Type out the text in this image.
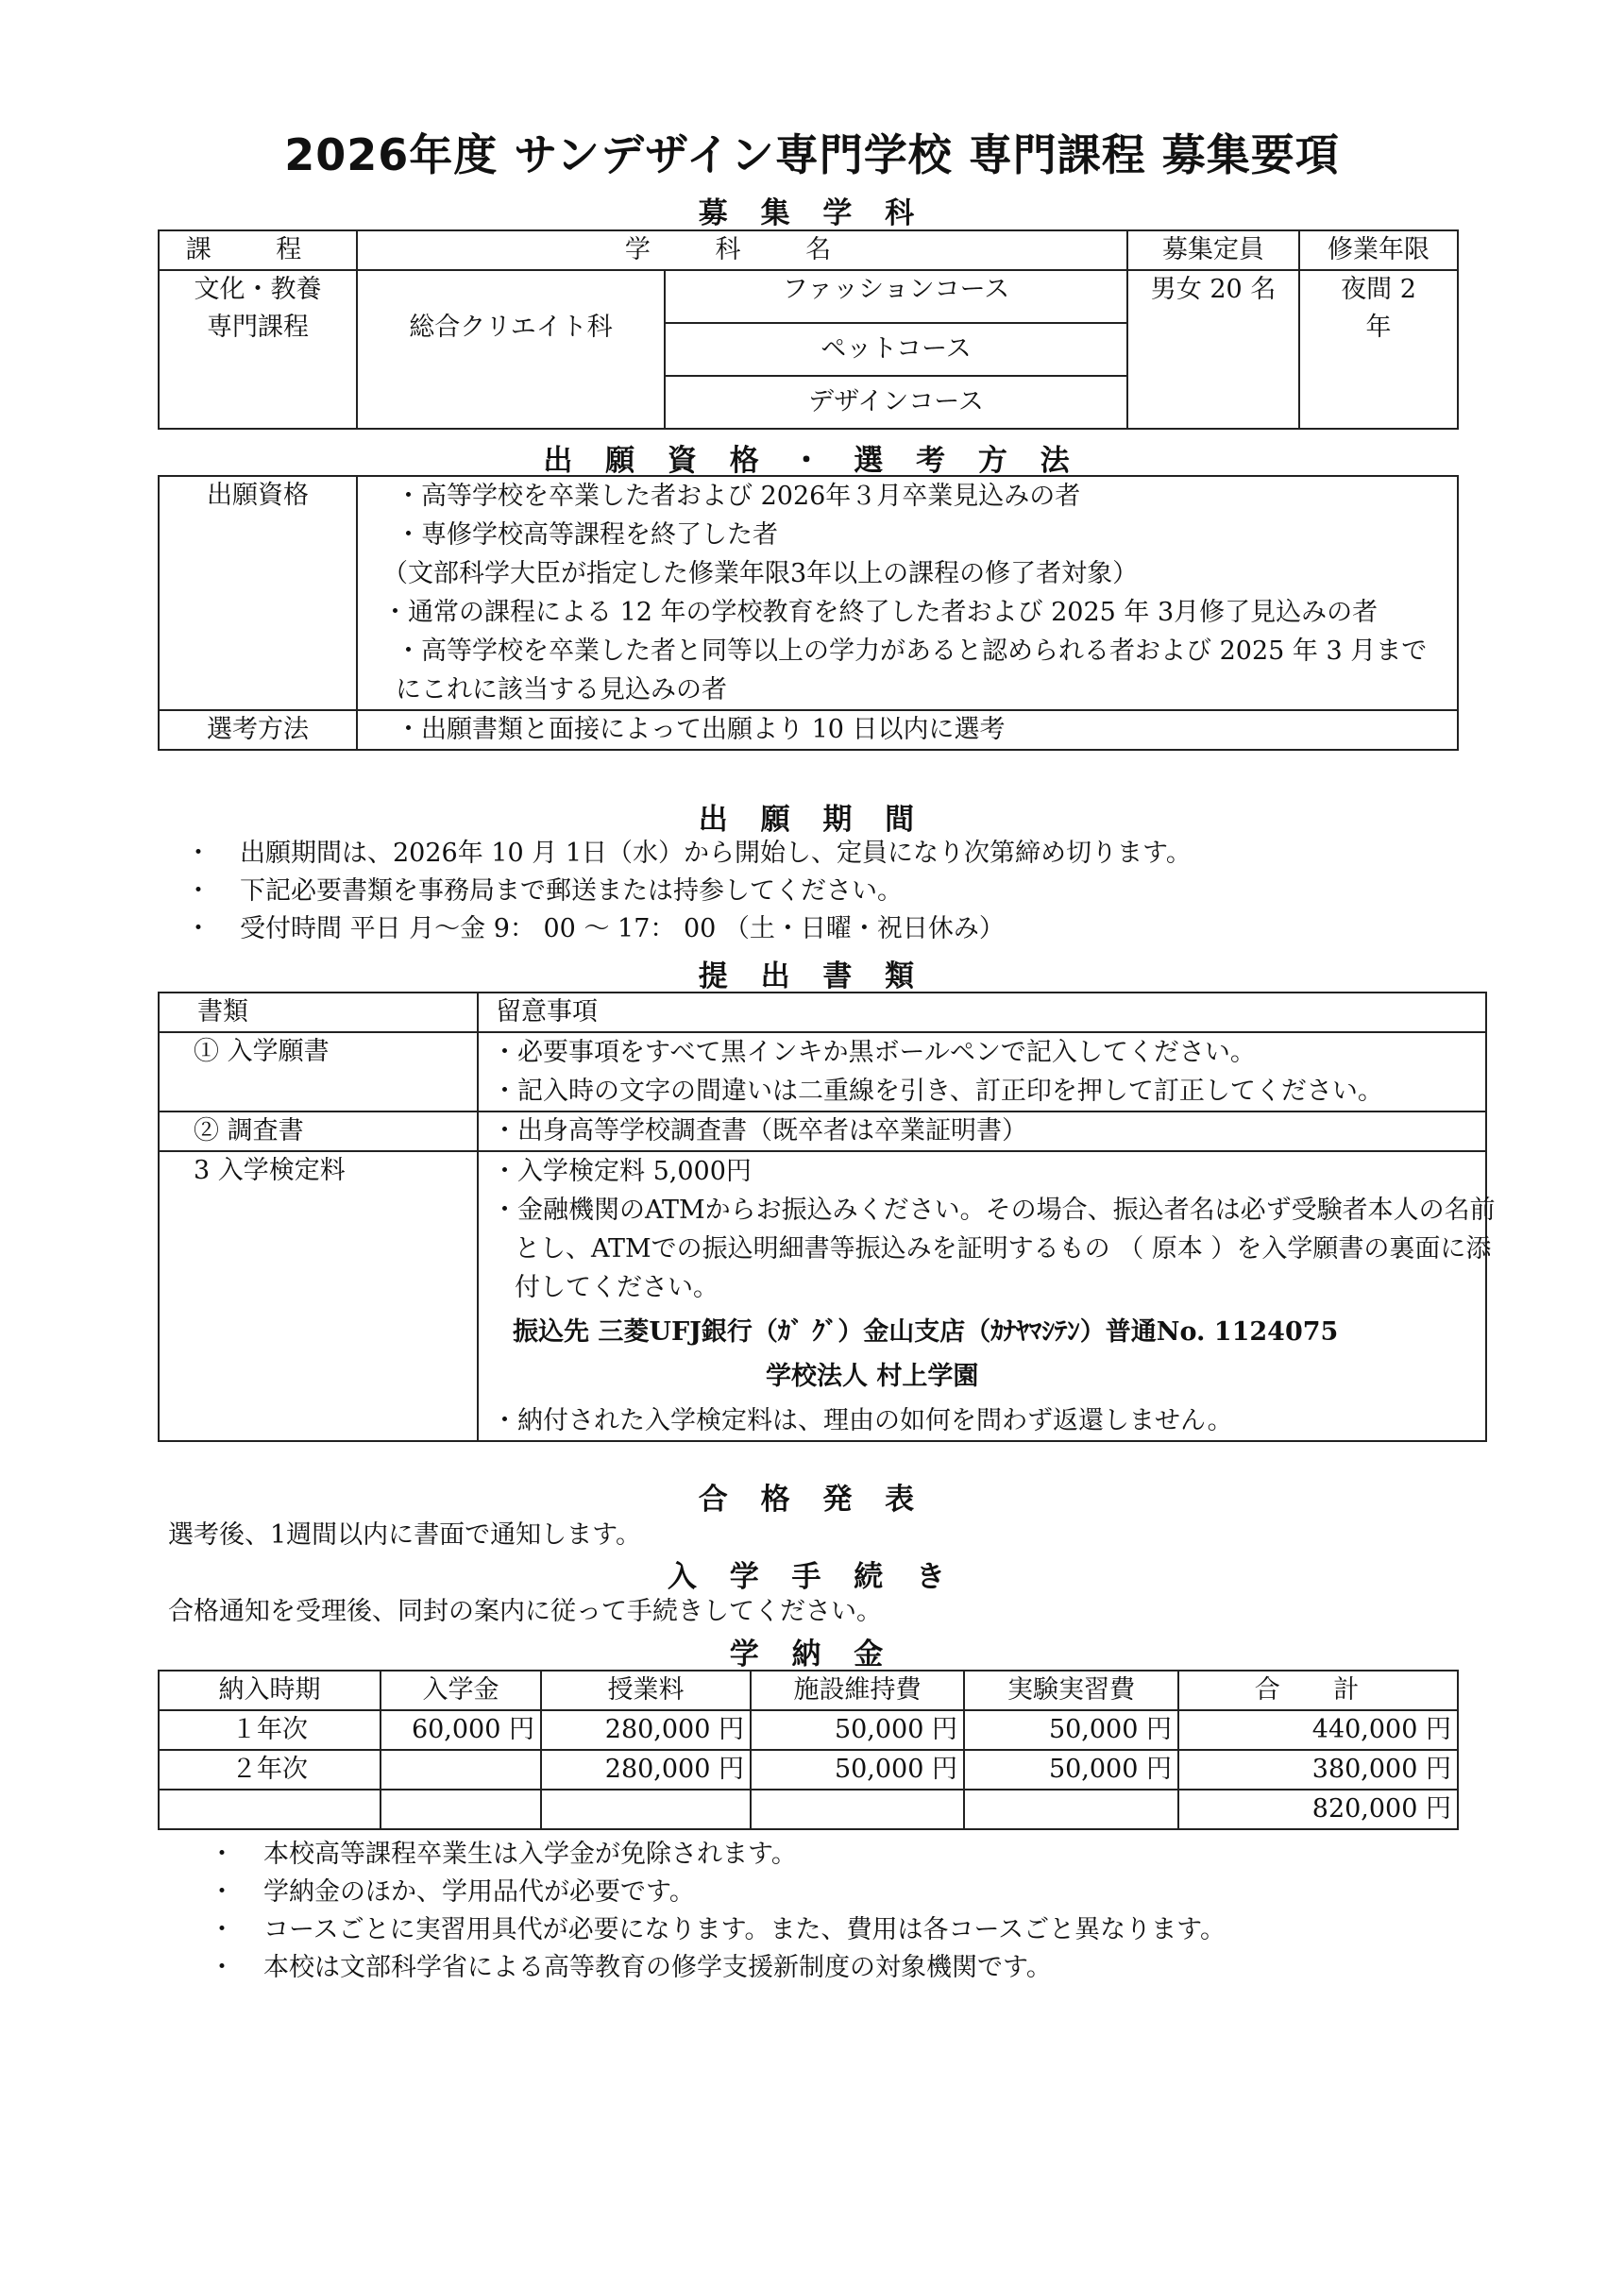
2026年度 サンデザイン専門学校 専門課程 募集要項
募 集 学 科
課 程	学 科 名		募集定員	修業年限

文化・教養
専門課程	総合クリエイト科	ファッションコース	男女 20 名	夜間 2 年
		ペットコース		
		デザインコース		
出 願 資 格 ・ 選 考 方 法
出願資格	・高等学校を卒業した者および 2026年３月卒業見込みの者
・専修学校高等課程を終了した者
（文部科学大臣が指定した修業年限3年以上の課程の修了者対象）
・通常の課程による 12 年の学校教育を終了した者および 2025 年 3月修了見込みの者
・高等学校を卒業した者と同等以上の学力があると認められる者および 2025 年 3 月までにこれに該当する見込みの者

選考方法	・出願書類と面接によって出願より 10 日以内に選考
出 願 期 間
・	出願期間は、2026年 10 月 1日（水）から開始し、定員になり次第締め切ります。
・	下記必要書類を事務局まで郵送または持参してください。
・	受付時間 平日 月～金 9： 00 ～ 17： 00 （土・日曜・祝日休み）
提 出 書 類
書類	留意事項
① 入学願書	・必要事項をすべて黒インキか黒ボールペンで記入してください。
・記入時の文字の間違いは二重線を引き、訂正印を押して訂正してください。

② 調査書	・出身高等学校調査書（既卒者は卒業証明書）
3 入学検定料	・入学検定料 5,000円
・金融機関のATMからお振込みください。その場合、振込者名は必ず受験者本人の名前とし、ATMでの振込明細書等振込みを証明するもの （ 原本 ）を入学願書の裏面に添付してください。
振込先 三菱UFJ銀行（ｶﾞ ｸﾞ）金山支店（ｶﾅﾔﾏｼﾃﾝ）普通No. 1124075
学校法人 村上学園
・納付された入学検定料は、理由の如何を問わず返還しません。
合 格 発 表
選考後、1週間以内に書面で通知します。
入 学 手 続 き
合格通知を受理後、同封の案内に従って手続きしてください。
学 納 金
納入時期	入学金	授業料	施設維持費	実験実習費	合 計
１年次	60,000 円	280,000 円	50,000 円	50,000 円	440,000 円
２年次		280,000 円	50,000 円	50,000 円	380,000 円
					820,000 円
・	本校高等課程卒業生は入学金が免除されます。
・	学納金のほか、学用品代が必要です。
・	コースごとに実習用具代が必要になります。また、費用は各コースごと異なります。
・	本校は文部科学省による高等教育の修学支援新制度の対象機関です。
